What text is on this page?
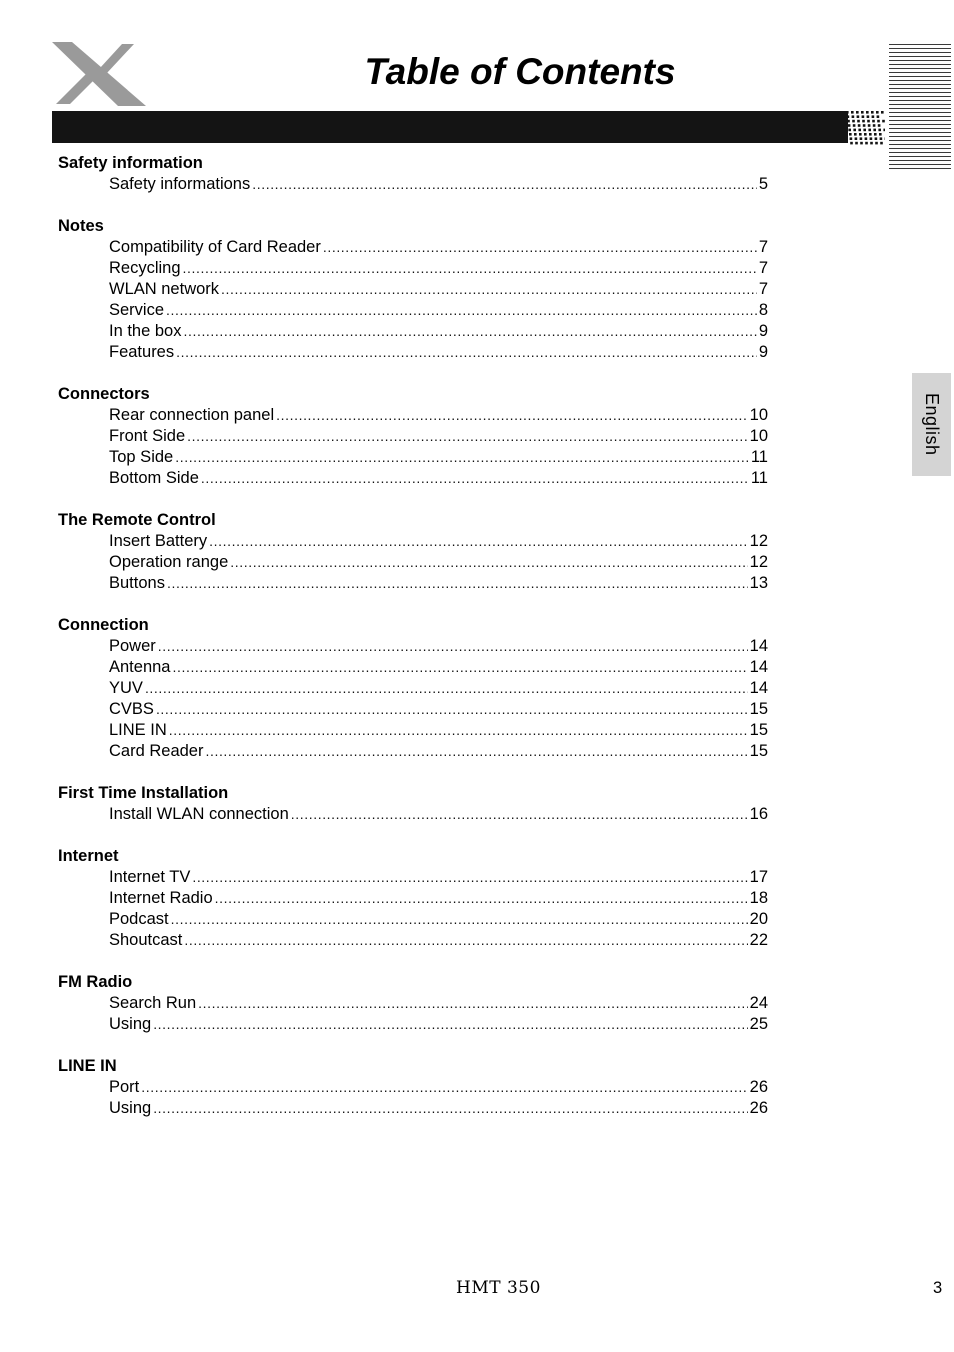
Table of Contents
English
Safety information
Safety informations .....	5
Notes
Compatibility of Card Reader .....	7
Recycling .....	7
WLAN network .....	7
Service .....	8
In the box .....	9
Features .....	9
Connectors
Rear connection panel .....	10
Front Side .....	10
Top Side .....	11
Bottom Side .....	11
The Remote Control
Insert Battery .....	12
Operation range .....	12
Buttons .....	13
Connection
Power .....	14
Antenna .....	14
YUV .....	14
CVBS .....	15
LINE IN .....	15
Card Reader .....	15
First Time Installation
Install WLAN connection .....	16
Internet
Internet TV .....	17
Internet Radio .....	18
Podcast .....	20
Shoutcast .....	22
FM Radio
Search Run .....	24
Using .....	25
LINE IN
Port .....	26
Using .....	26
HMT 350	3
